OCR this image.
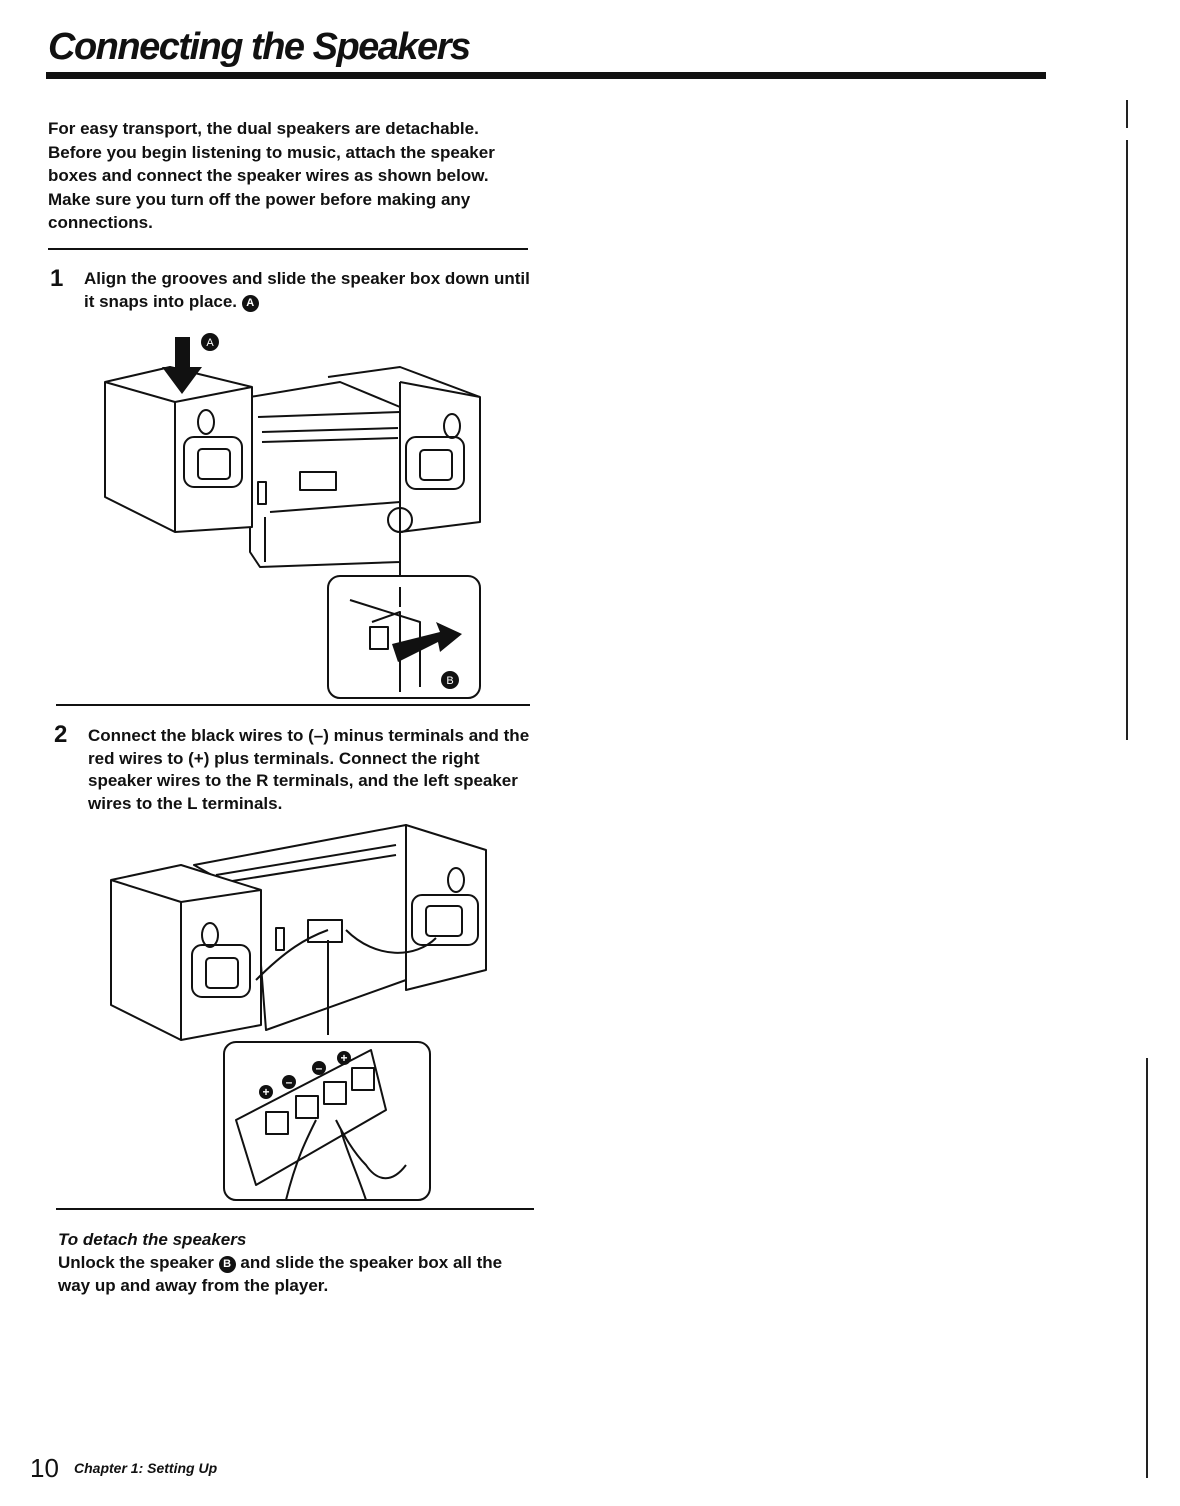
Connecting the Speakers
For easy transport, the dual speakers are detachable.
Before you begin listening to music, attach the speaker
boxes and connect the speaker wires as shown below.
Make sure you turn off the power before making any
connections.
1 Align the grooves and slide the speaker box down until
it snaps into place. A
A
B
2 Connect the black wires to (–) minus terminals and the
red wires to (+) plus terminals. Connect the right
speaker wires to the R terminals, and the left speaker
wires to the L terminals.
+
–
–
+
To detach the speakers
Unlock the speaker B and slide the speaker box all the
way up and away from the player.
10 Chapter 1: Setting Up
